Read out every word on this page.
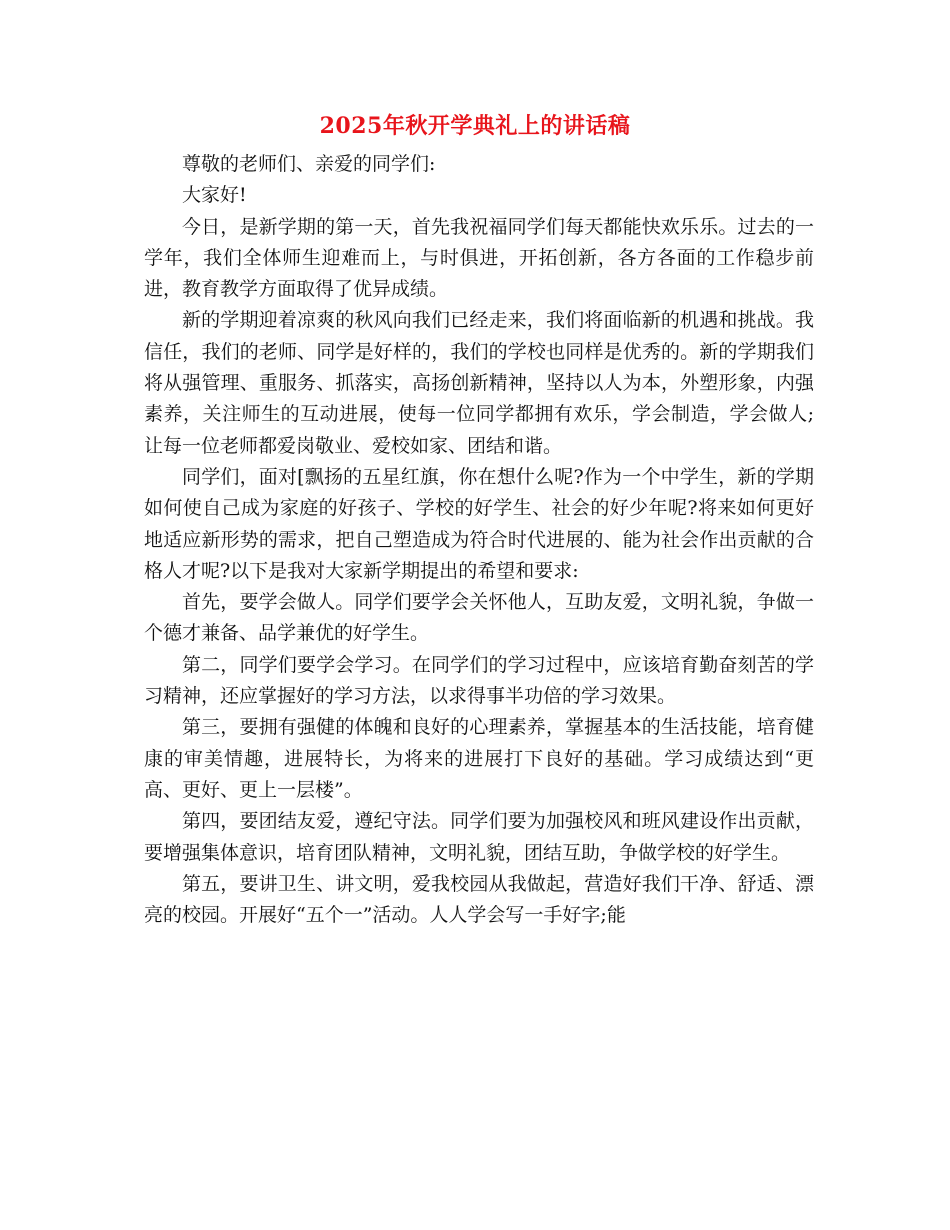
2025年秋开学典礼上的讲话稿

尊敬的老师们、亲爱的同学们:

大家好!

今日，是新学期的第一天，首先我祝福同学们每天都能快欢乐乐。过去的一学年，我们全体师生迎难而上，与时俱进，开拓创新，各方各面的工作稳步前进，教育教学方面取得了优异成绩。

新的学期迎着凉爽的秋风向我们已经走来，我们将面临新的机遇和挑战。我信任，我们的老师、同学是好样的，我们的学校也同样是优秀的。新的学期我们将从强管理、重服务、抓落实，高扬创新精神，坚持以人为本，外塑形象，内强素养，关注师生的互动进展，使每一位同学都拥有欢乐，学会制造，学会做人;让每一位老师都爱岗敬业、爱校如家、团结和谐。

同学们，面对[飘扬的五星红旗，你在想什么呢?作为一个中学生，新的学期如何使自己成为家庭的好孩子、学校的好学生、社会的好少年呢?将来如何更好地适应新形势的需求，把自己塑造成为符合时代进展的、能为社会作出贡献的合格人才呢?以下是我对大家新学期提出的希望和要求:

首先，要学会做人。同学们要学会关怀他人，互助友爱，文明礼貌，争做一个德才兼备、品学兼优的好学生。

第二，同学们要学会学习。在同学们的学习过程中，应该培育勤奋刻苦的学习精神，还应掌握好的学习方法，以求得事半功倍的学习效果。

第三，要拥有强健的体魄和良好的心理素养，掌握基本的生活技能，培育健康的审美情趣，进展特长，为将来的进展打下良好的基础。学习成绩达到“更高、更好、更上一层楼”。

第四，要团结友爱，遵纪守法。同学们要为加强校风和班风建设作出贡献，要增强集体意识，培育团队精神，文明礼貌，团结互助，争做学校的好学生。

第五，要讲卫生、讲文明，爱我校园从我做起，营造好我们干净、舒适、漂亮的校园。开展好“五个一”活动。人人学会写一手好字;能
